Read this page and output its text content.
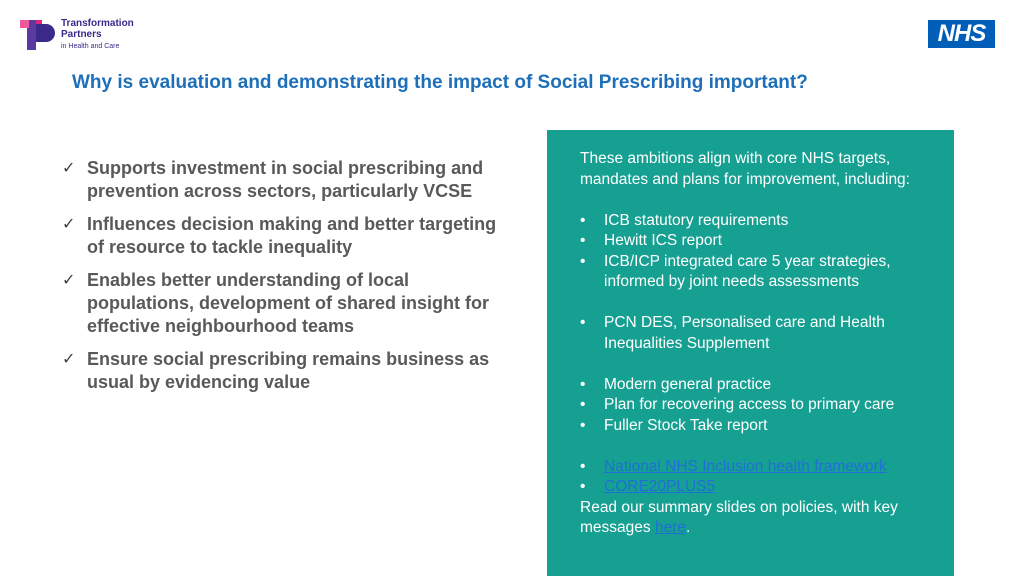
Transformation
Partners
in Health and Care	NHS
Why is evaluation and demonstrating the impact of Social Prescribing important?
✓ Supports investment in social prescribing and prevention across sectors, particularly VCSE
✓ Influences decision making and better targeting of resource to tackle inequality
✓ Enables better understanding of local populations, development of shared insight for effective neighbourhood teams
✓ Ensure social prescribing remains business as usual by evidencing value

These ambitions align with core NHS targets, mandates and plans for improvement, including:

• ICB statutory requirements
• Hewitt ICS report
• ICB/ICP integrated care 5 year strategies, informed by joint needs assessments
• PCN DES, Personalised care and Health Inequalities Supplement
• Modern general practice
• Plan for recovering access to primary care
• Fuller Stock Take report
• National NHS Inclusion health framework
• CORE20PLUS5

Read our summary slides on policies, with key messages here.
